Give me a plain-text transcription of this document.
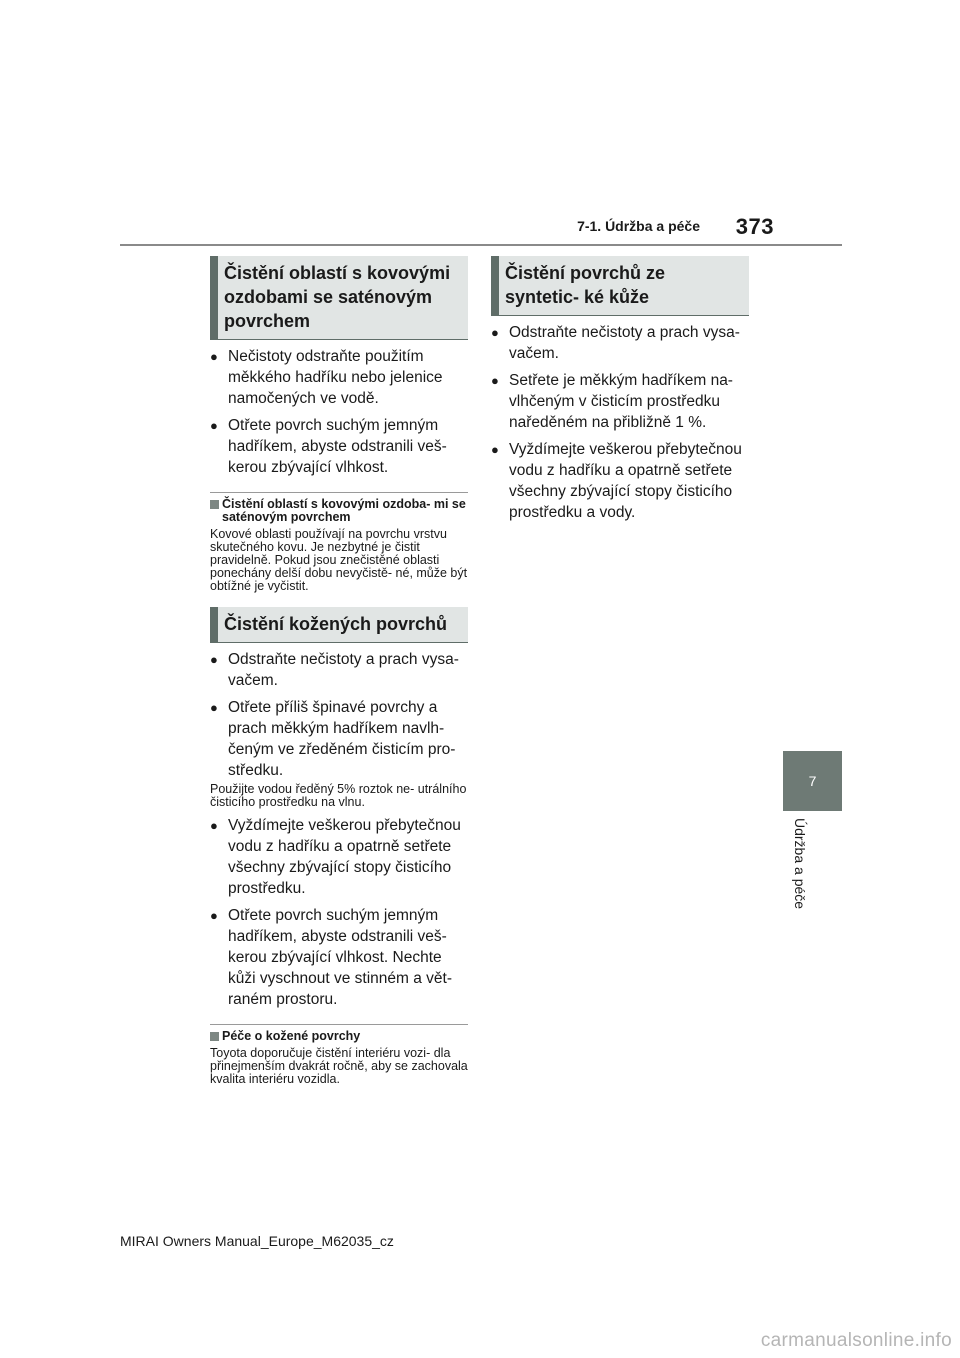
7-1. Údržba a péče	373
7
Údržba a péče
Čistění oblastí s kovovými ozdobami se saténovým povrchem
● Nečistoty odstraňte použitím měkkého hadříku nebo jelenice namočených ve vodě.
● Otřete povrch suchým jemným hadříkem, abyste odstranili veš- kerou zbývající vlhkost.
Čistění oblastí s kovovými ozdoba- mi se saténovým povrchem
Kovové oblasti používají na povrchu vrstvu skutečného kovu. Je nezbytné je čistit pravidelně. Pokud jsou znečistěné oblasti ponechány delší dobu nevyčistě- né, může být obtížné je vyčistit.
Čistění kožených povrchů
● Odstraňte nečistoty a prach vysa- vačem.
● Otřete příliš špinavé povrchy a prach měkkým hadříkem navlh- čeným ve zředěném čisticím pro- středku.
Použijte vodou ředěný 5% roztok ne- utrálního čisticího prostředku na vlnu.
● Vyždímejte veškerou přebytečnou vodu z hadříku a opatrně setřete všechny zbývající stopy čisticího prostředku.
● Otřete povrch suchým jemným hadříkem, abyste odstranili veš- kerou zbývající vlhkost. Nechte kůži vyschnout ve stinném a vět- raném prostoru.
Péče o kožené povrchy
Toyota doporučuje čistění interiéru vozi- dla přinejmenším dvakrát ročně, aby se zachovala kvalita interiéru vozidla.
Čistění povrchů ze syntetic- ké kůže
● Odstraňte nečistoty a prach vysa- vačem.
● Setřete je měkkým hadříkem na- vlhčeným v čisticím prostředku naředěném na přibližně 1 %.
● Vyždímejte veškerou přebytečnou vodu z hadříku a opatrně setřete všechny zbývající stopy čisticího prostředku a vody.
MIRAI Owners Manual_Europe_M62035_cz
carmanualsonline.info
